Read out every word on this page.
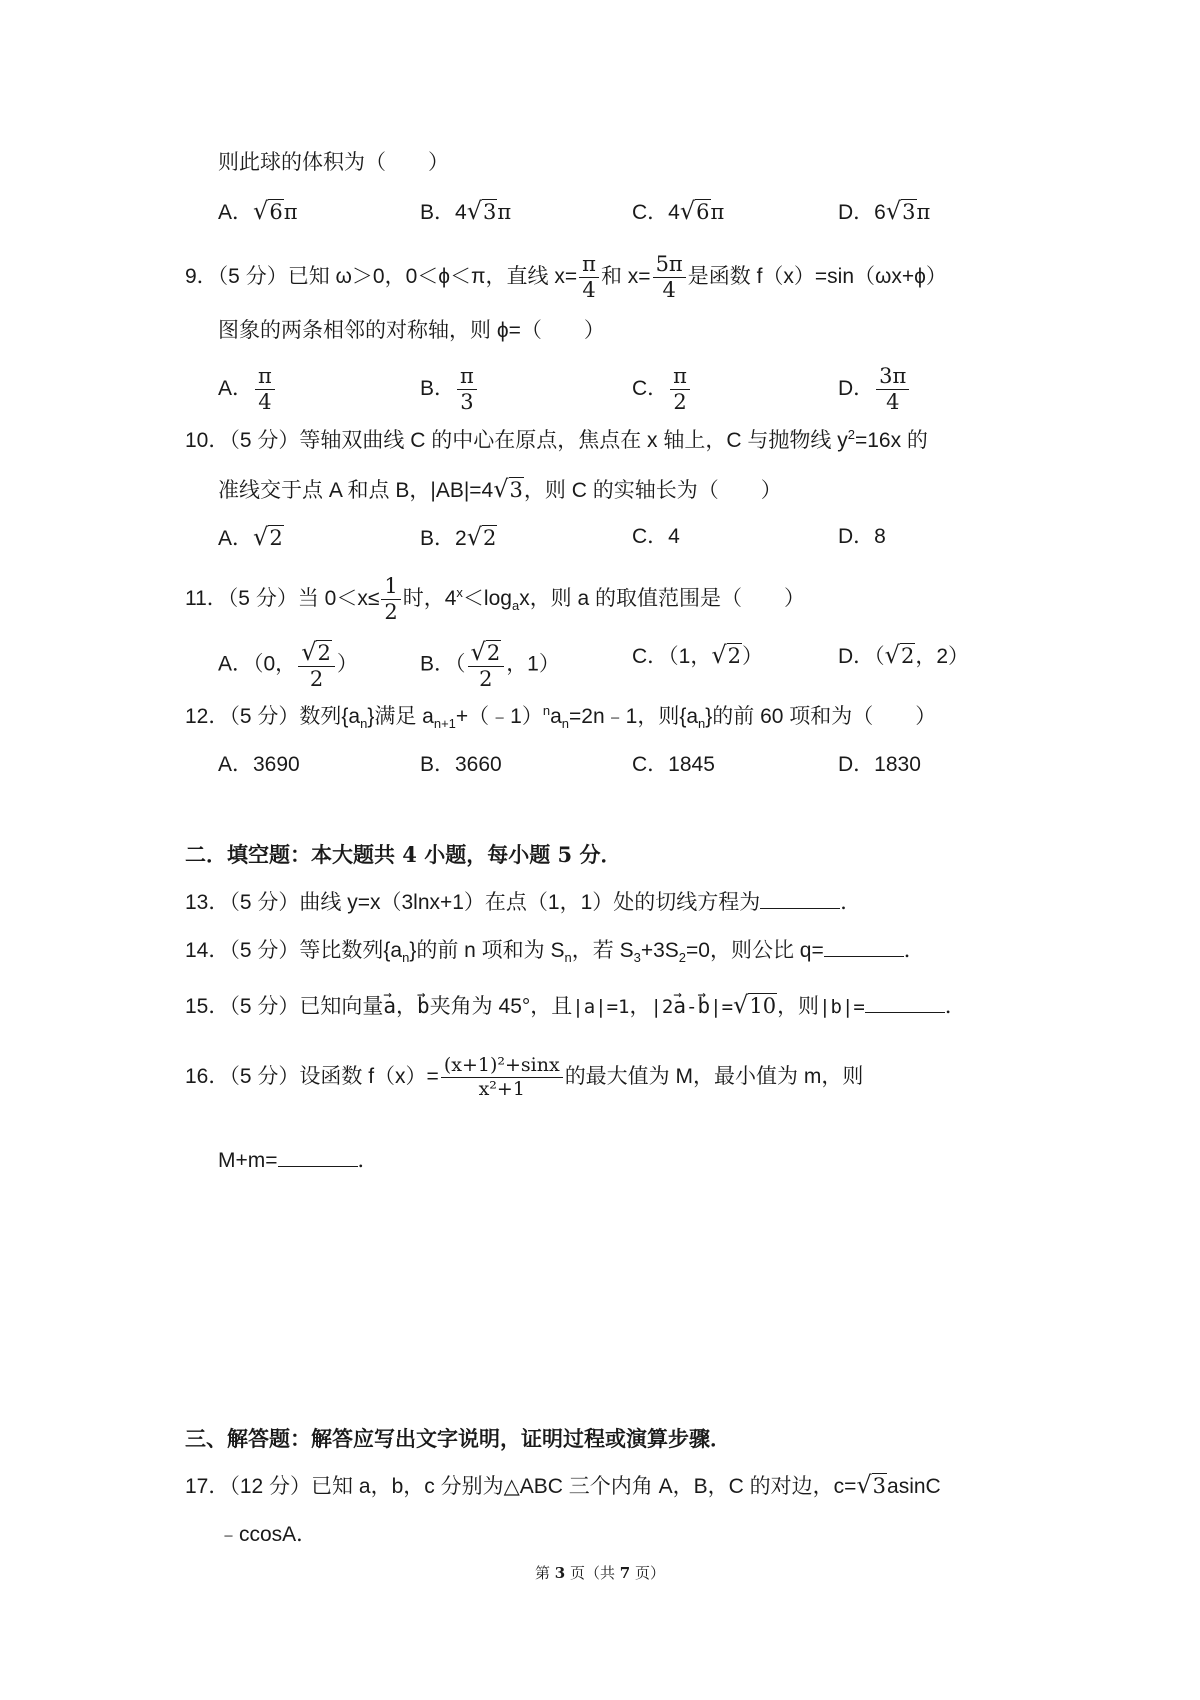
则此球的体积为（　　）
A．√6π	B．4√3π	C．4√6π	D．6√3π
9．（5 分）已知 ω＞0，0＜ϕ＜π，直线 $x= \frac{\pi}{4}$ 和 $x= \frac{5\pi}{4}$ 是函数 f（x）=sin（ωx+ϕ）
图象的两条相邻的对称轴，则 ϕ=（　　）
A． $\frac{\pi}{4}$	B． $\frac{\pi}{3}$	C． $\frac{\pi}{2}$	D． $\frac{3\pi}{4}$
10．（5 分）等轴双曲线 C 的中心在原点，焦点在 x 轴上，C 与抛物线 $y^2=16x$ 的
准线交于点 A 和点 B，|AB|=4√3，则 C 的实轴长为（　　）
A．√2	B．2√2	C．4	D．8
11．（5 分）当 $0<x\le \frac{1}{2}$ 时，$4^x<\log_ax$，则 a 的取值范围是（　　）
A．（0， $\frac{√2}{2}$ ）	B．（ $\frac{√2}{2}$ ，1）	C．（1，√2）	D．（√2，2）
12．（5 分）数列$\{a_n\}$满足 $a_{n+1}+(﹣1)^na_n=2n﹣1$，则$\{a_n\}$的前 60 项和为（　　）
A．3690	B．3660	C．1845	D．1830
二．填空题：本大题共 4 小题，每小题 5 分．
13．（5 分）曲线 y=x（3lnx+1）在点（1，1）处的切线方程为	．
14．（5 分）等比数列$\{a_n\}$的前 n 项和为 $S_n$，若 $S_3+3S_2=0$，则公比 q=	．
15．（5 分）已知向量→ a，→ b夹角为 45°，且|a|=1，|2→ a-→ b|=√10，则|b|=	．
16．（5 分）设函数 $f(x)= \frac{\text{(x+1)²+sinx}}{\text{x²+1}}$ 的最大值为 M，最小值为 m，则
M+m=	．
三、解答题：解答应写出文字说明，证明过程或演算步骤．
17．（12 分）已知 a，b，c 分别为△ABC 三个内角 A，B，C 的对边，c=√3asinC
﹣ccosA．
第 3 页（共 7 页）
